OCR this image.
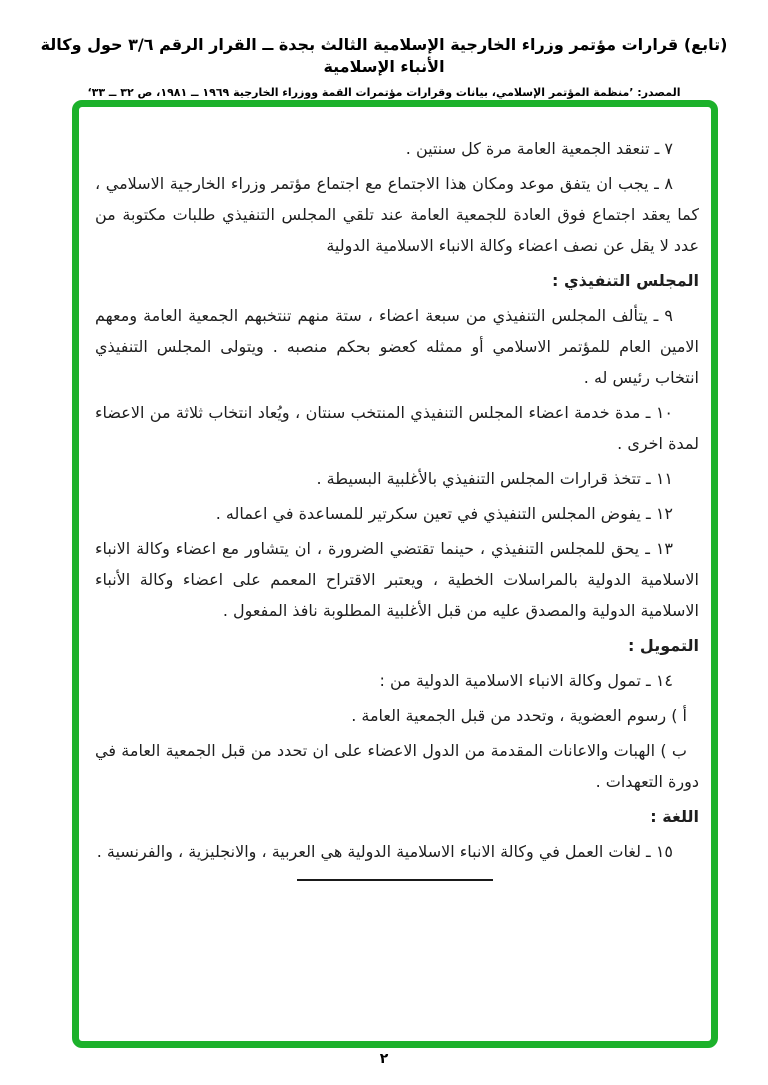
(تابع) قرارات مؤتمر وزراء الخارجية الإسلامية الثالث بجدة ــ القرار الرقم ٣/٦ حول وكالة الأنباء الإسلامية
المصدر: ’منظمة المؤتمر الإسلامي، بيانات وقرارات مؤتمرات القمة ووزراء الخارجية ١٩٦٩ ــ ١٩٨١، ص ٣٢ ــ ٣٣‘

٧ ـ تنعقد الجمعية العامة مرة كل سنتين .

٨ ـ يجب ان يتفق موعد ومكان هذا الاجتماع مع اجتماع مؤتمر وزراء الخارجية الاسلامي ، كما يعقد اجتماع فوق العادة للجمعية العامة عند تلقي المجلس التنفيذي طلبات مكتوبة من عدد لا يقل عن نصف اعضاء وكالة الانباء الاسلامية الدولية

المجلس التنفيذي :

٩ ـ يتألف المجلس التنفيذي من سبعة اعضاء ، ستة منهم تنتخبهم الجمعية العامة ومعهم الامين العام للمؤتمر الاسلامي أو ممثله كعضو بحكم منصبه . ويتولى المجلس التنفيذي انتخاب رئيس له .

١٠ ـ مدة خدمة اعضاء المجلس التنفيذي المنتخب سنتان ، ويُعاد انتخاب ثلاثة من الاعضاء لمدة اخرى .

١١ ـ تتخذ قرارات المجلس التنفيذي بالأغلبية البسيطة .

١٢ ـ يفوض المجلس التنفيذي في تعين سكرتير للمساعدة في اعماله .

١٣ ـ يحق للمجلس التنفيذي ، حينما تقتضي الضرورة ، ان يتشاور مع اعضاء وكالة الانباء الاسلامية الدولية بالمراسلات الخطية ، ويعتبر الاقتراح المعمم على اعضاء وكالة الأنباء الاسلامية الدولية والمصدق عليه من قبل الأغلبية المطلوبة نافذ المفعول .

التمويل :

١٤ ـ تمول وكالة الانباء الاسلامية الدولية من :

أ ) رسوم العضوية ، وتحدد من قبل الجمعية العامة .

ب ) الهبات والاعانات المقدمة من الدول الاعضاء على ان تحدد من قبل الجمعية العامة في دورة التعهدات .

اللغة :

١٥ ـ لغات العمل في وكالة الانباء الاسلامية الدولية هي العربية ، والانجليزية ، والفرنسية .

٢
